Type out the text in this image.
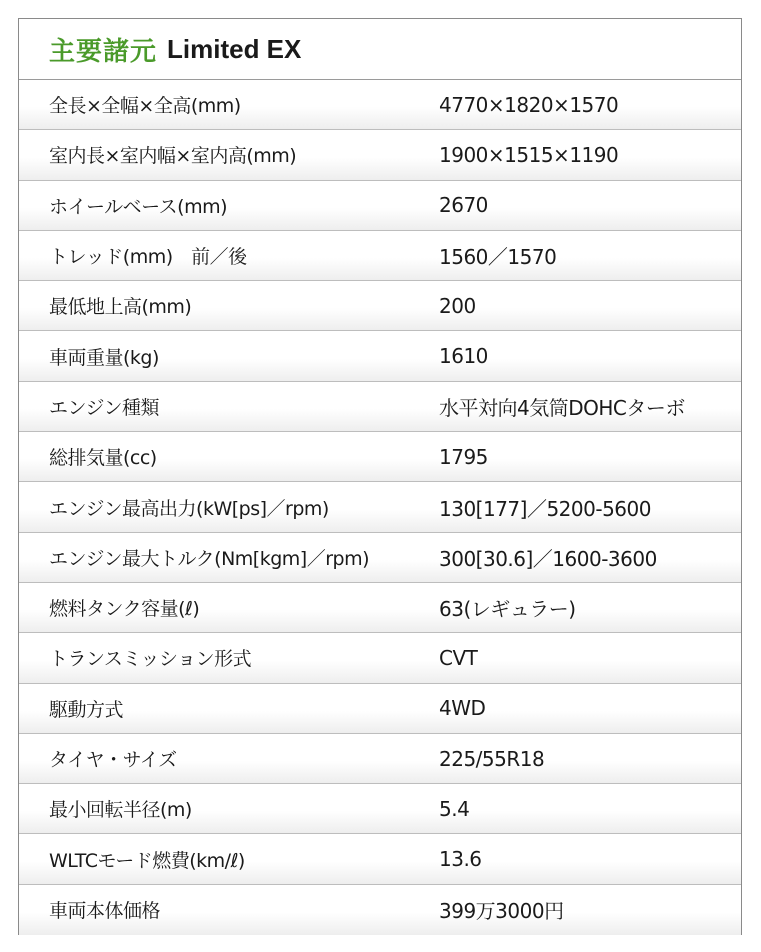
主要諸元 Limited EX
全長×全幅×全高(mm)	4770×1820×1570
室内長×室内幅×室内高(mm)	1900×1515×1190
ホイールベース(mm)	2670
トレッド(mm)　前／後	1560／1570
最低地上高(mm)	200
車両重量(kg)	1610
エンジン種類	水平対向4気筒DOHCターボ
総排気量(cc)	1795
エンジン最高出力(kW[ps]／rpm)	130[177]／5200-5600
エンジン最大トルク(Nm[kgm]／rpm)	300[30.6]／1600-3600
燃料タンク容量(ℓ)	63(レギュラー)
トランスミッション形式	CVT
駆動方式	4WD
タイヤ・サイズ	225/55R18
最小回転半径(m)	5.4
WLTCモード燃費(km/ℓ)	13.6
車両本体価格	399万3000円
